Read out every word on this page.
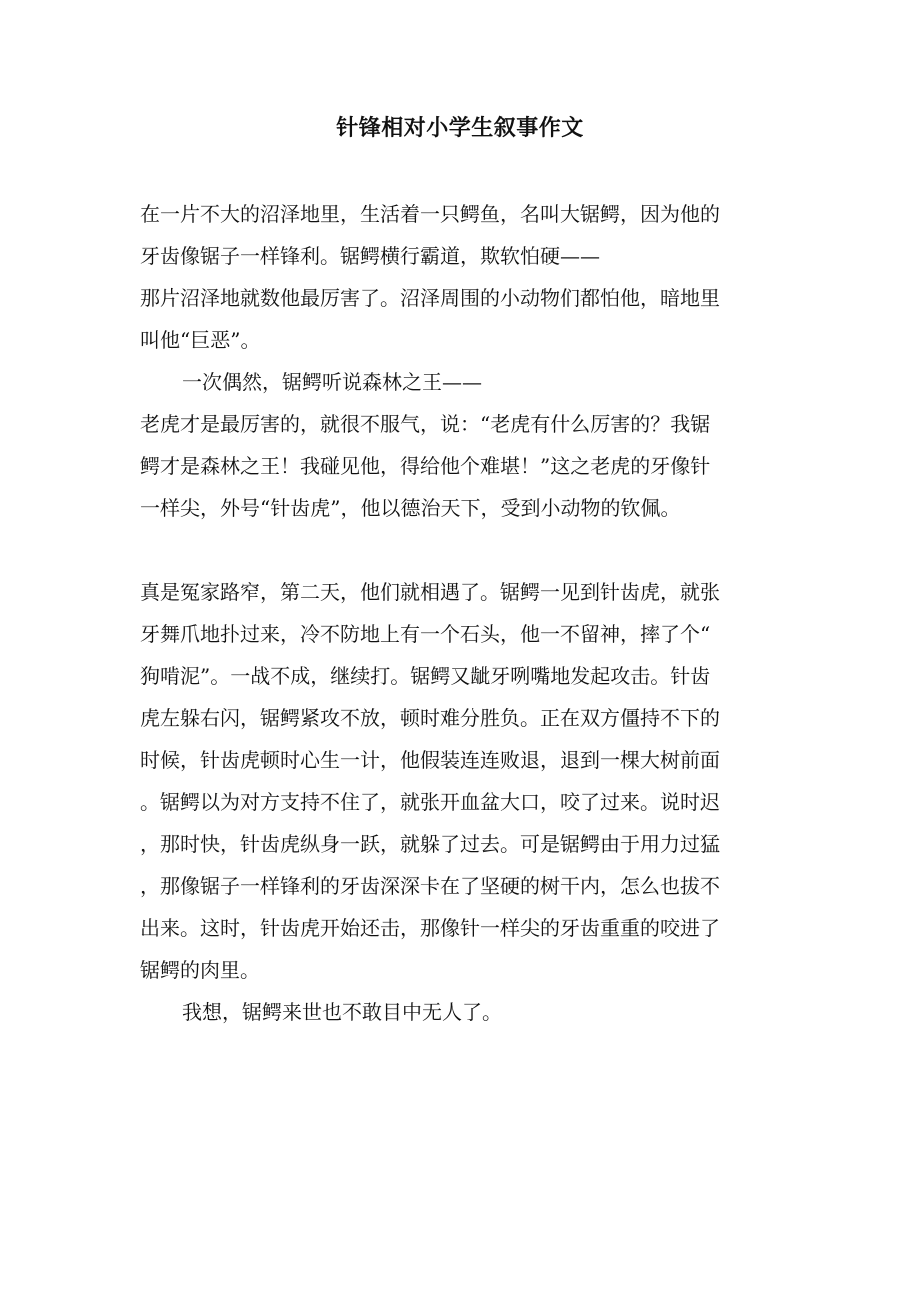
针锋相对小学生叙事作文
在一片不大的沼泽地里，生活着一只鳄鱼，名叫大锯鳄，因为他的
牙齿像锯子一样锋利。锯鳄横行霸道，欺软怕硬——
那片沼泽地就数他最厉害了。沼泽周围的小动物们都怕他，暗地里
叫他“巨恶”。
一次偶然，锯鳄听说森林之王——
老虎才是最厉害的，就很不服气，说：“老虎有什么厉害的？我锯
鳄才是森林之王！我碰见他，得给他个难堪！”这之老虎的牙像针
一样尖，外号“针齿虎”，他以德治天下，受到小动物的钦佩。
真是冤家路窄，第二天，他们就相遇了。锯鳄一见到针齿虎，就张
牙舞爪地扑过来，冷不防地上有一个石头，他一不留神，摔了个“
狗啃泥”。一战不成，继续打。锯鳄又龇牙咧嘴地发起攻击。针齿
虎左躲右闪，锯鳄紧攻不放，顿时难分胜负。正在双方僵持不下的
时候，针齿虎顿时心生一计，他假装连连败退，退到一棵大树前面
。锯鳄以为对方支持不住了，就张开血盆大口，咬了过来。说时迟
，那时快，针齿虎纵身一跃，就躲了过去。可是锯鳄由于用力过猛
，那像锯子一样锋利的牙齿深深卡在了坚硬的树干内，怎么也拔不
出来。这时，针齿虎开始还击，那像针一样尖的牙齿重重的咬进了
锯鳄的肉里。
我想，锯鳄来世也不敢目中无人了。
